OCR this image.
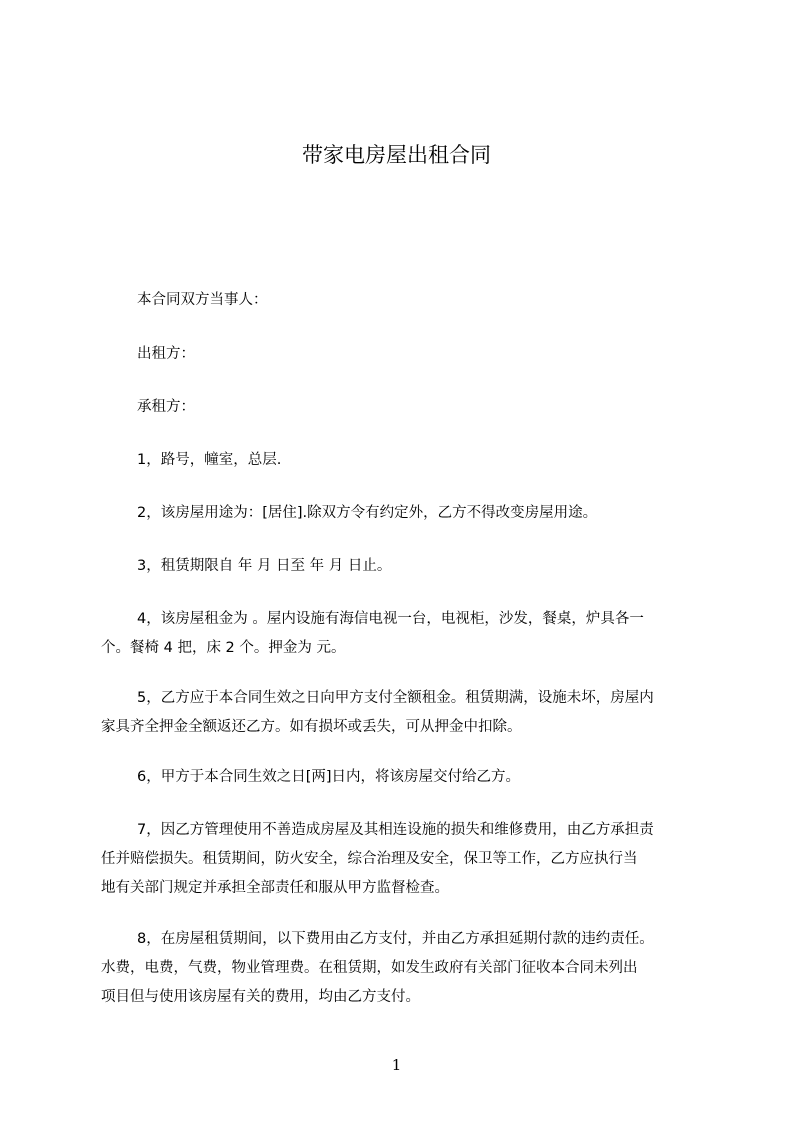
带家电房屋出租合同

本合同双方当事人：

出租方：

承租方：

1，路号，幢室，总层.

2，该房屋用途为：[居住].除双方令有约定外，乙方不得改变房屋用途。

3，租赁期限自 年 月 日至 年 月 日止。

4，该房屋租金为 。屋内设施有海信电视一台，电视柜，沙发，餐桌，炉具各一
个。餐椅 4 把，床 2 个。押金为 元。

5，乙方应于本合同生效之日向甲方支付全额租金。租赁期满，设施未坏，房屋内
家具齐全押金全额返还乙方。如有损坏或丢失，可从押金中扣除。

6，甲方于本合同生效之日[两]日内，将该房屋交付给乙方。

7，因乙方管理使用不善造成房屋及其相连设施的损失和维修费用，由乙方承担责
任并赔偿损失。租赁期间，防火安全，综合治理及安全，保卫等工作，乙方应执行当
地有关部门规定并承担全部责任和服从甲方监督检查。

8，在房屋租赁期间，以下费用由乙方支付，并由乙方承担延期付款的违约责任。
水费，电费，气费，物业管理费。在租赁期，如发生政府有关部门征收本合同未列出
项目但与使用该房屋有关的费用，均由乙方支付。

1
